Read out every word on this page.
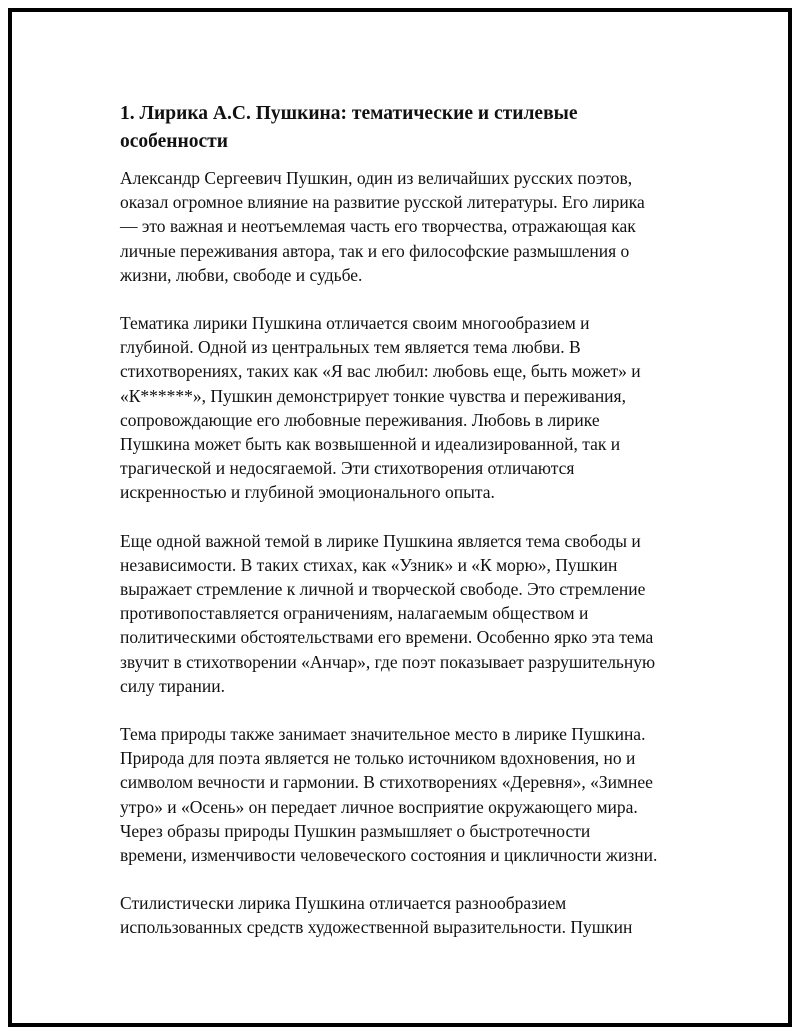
1. Лирика А.С. Пушкина: тематические и стилевые
особенности

Александр Сергеевич Пушкин, один из величайших русских поэтов,
оказал огромное влияние на развитие русской литературы. Его лирика
— это важная и неотъемлемая часть его творчества, отражающая как
личные переживания автора, так и его философские размышления о
жизни, любви, свободе и судьбе.

Тематика лирики Пушкина отличается своим многообразием и
глубиной. Одной из центральных тем является тема любви. В
стихотворениях, таких как «Я вас любил: любовь еще, быть может» и
«К******», Пушкин демонстрирует тонкие чувства и переживания,
сопровождающие его любовные переживания. Любовь в лирике
Пушкина может быть как возвышенной и идеализированной, так и
трагической и недосягаемой. Эти стихотворения отличаются
искренностью и глубиной эмоционального опыта.

Еще одной важной темой в лирике Пушкина является тема свободы и
независимости. В таких стихах, как «Узник» и «К морю», Пушкин
выражает стремление к личной и творческой свободе. Это стремление
противопоставляется ограничениям, налагаемым обществом и
политическими обстоятельствами его времени. Особенно ярко эта тема
звучит в стихотворении «Анчар», где поэт показывает разрушительную
силу тирании.

Тема природы также занимает значительное место в лирике Пушкина.
Природа для поэта является не только источником вдохновения, но и
символом вечности и гармонии. В стихотворениях «Деревня», «Зимнее
утро» и «Осень» он передает личное восприятие окружающего мира.
Через образы природы Пушкин размышляет о быстротечности
времени, изменчивости человеческого состояния и цикличности жизни.

Стилистически лирика Пушкина отличается разнообразием
использованных средств художественной выразительности. Пушкин
